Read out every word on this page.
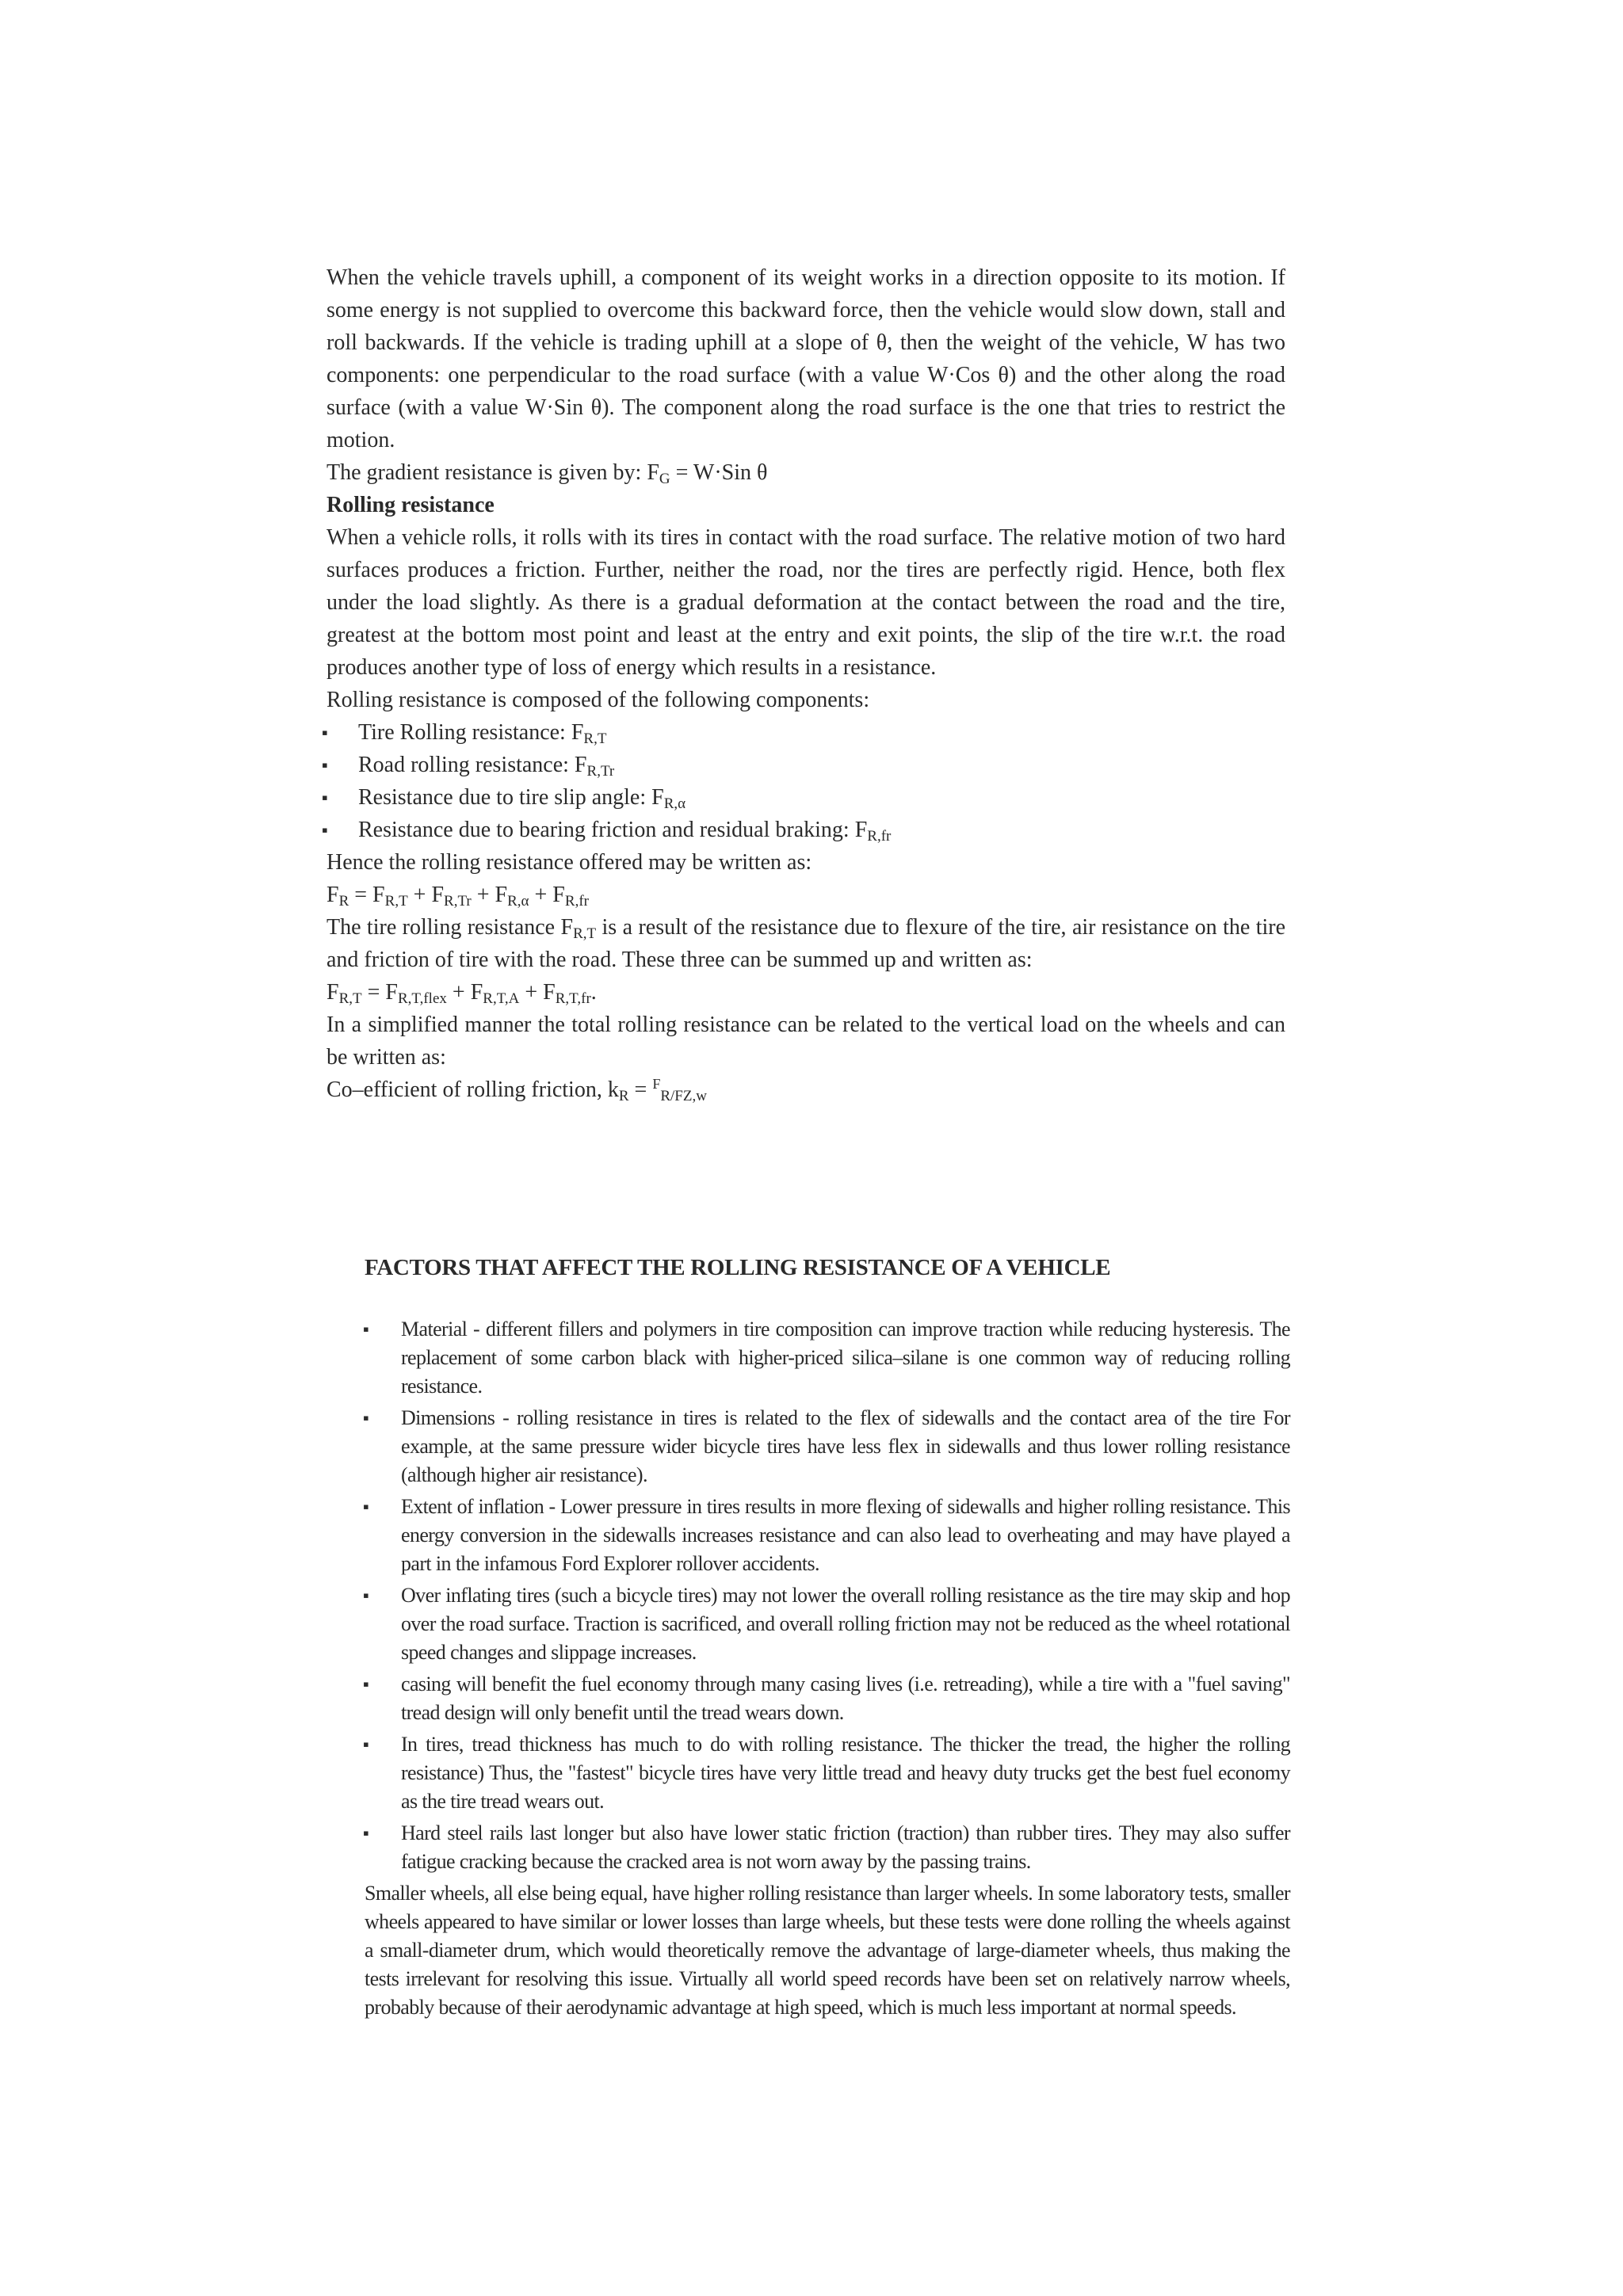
When the vehicle travels uphill, a component of its weight works in a direction opposite to its motion. If some energy is not supplied to overcome this backward force, then the vehicle would slow down, stall and roll backwards. If the vehicle is trading uphill at a slope of θ, then the weight of the vehicle, W has two components: one perpendicular to the road surface (with a value W·Cos θ) and the other along the road surface (with a value W·Sin θ). The component along the road surface is the one that tries to restrict the motion.

The gradient resistance is given by: $F_G = W\cdot Sin$ θ

Rolling resistance

When a vehicle rolls, it rolls with its tires in contact with the road surface. The relative motion of two hard surfaces produces a friction. Further, neither the road, nor the tires are perfectly rigid. Hence, both flex under the load slightly. As there is a gradual deformation at the contact between the road and the tire, greatest at the bottom most point and least at the entry and exit points, the slip of the tire w.r.t. the road produces another type of loss of energy which results in a resistance.

Rolling resistance is composed of the following components:

▪ Tire Rolling resistance: $F_{R,T}$
▪ Road rolling resistance: $F_{R,Tr}$
▪ Resistance due to tire slip angle: $F_{R,\alpha}$
▪ Resistance due to bearing friction and residual braking: $F_{R,fr}$

Hence the rolling resistance offered may be written as:

$F_R = F_{R,T} + F_{R,Tr} + F_{R,\alpha} + F_{R,fr}$

The tire rolling resistance $F_{R,T}$ is a result of the resistance due to flexure of the tire, air resistance on the tire and friction of tire with the road. These three can be summed up and written as:

$F_{R,T} = F_{R,T,flex} + F_{R,T,A} + F_{R,T,fr}$.

In a simplified manner the total rolling resistance can be related to the vertical load on the wheels and can be written as:

Co–efficient of rolling friction, $k_R = ^F_{R/FZ,w}$

FACTORS THAT AFFECT THE ROLLING RESISTANCE OF A VEHICLE

▪ Material - different fillers and polymers in tire composition can improve traction while reducing hysteresis. The replacement of some carbon black with higher-priced silica–silane is one common way of reducing rolling resistance.
▪ Dimensions - rolling resistance in tires is related to the flex of sidewalls and the contact area of the tire For example, at the same pressure wider bicycle tires have less flex in sidewalls and thus lower rolling resistance (although higher air resistance).
▪ Extent of inflation - Lower pressure in tires results in more flexing of sidewalls and higher rolling resistance. This energy conversion in the sidewalls increases resistance and can also lead to overheating and may have played a part in the infamous Ford Explorer rollover accidents.
▪ Over inflating tires (such a bicycle tires) may not lower the overall rolling resistance as the tire may skip and hop over the road surface. Traction is sacrificed, and overall rolling friction may not be reduced as the wheel rotational speed changes and slippage increases.
▪ casing will benefit the fuel economy through many casing lives (i.e. retreading), while a tire with a "fuel saving" tread design will only benefit until the tread wears down.
▪ In tires, tread thickness has much to do with rolling resistance. The thicker the tread, the higher the rolling resistance) Thus, the "fastest" bicycle tires have very little tread and heavy duty trucks get the best fuel economy as the tire tread wears out.
▪ Hard steel rails last longer but also have lower static friction (traction) than rubber tires. They may also suffer fatigue cracking because the cracked area is not worn away by the passing trains.

Smaller wheels, all else being equal, have higher rolling resistance than larger wheels. In some laboratory tests, smaller wheels appeared to have similar or lower losses than large wheels, but these tests were done rolling the wheels against a small-diameter drum, which would theoretically remove the advantage of large-diameter wheels, thus making the tests irrelevant for resolving this issue. Virtually all world speed records have been set on relatively narrow wheels, probably because of their aerodynamic advantage at high speed, which is much less important at normal speeds.
